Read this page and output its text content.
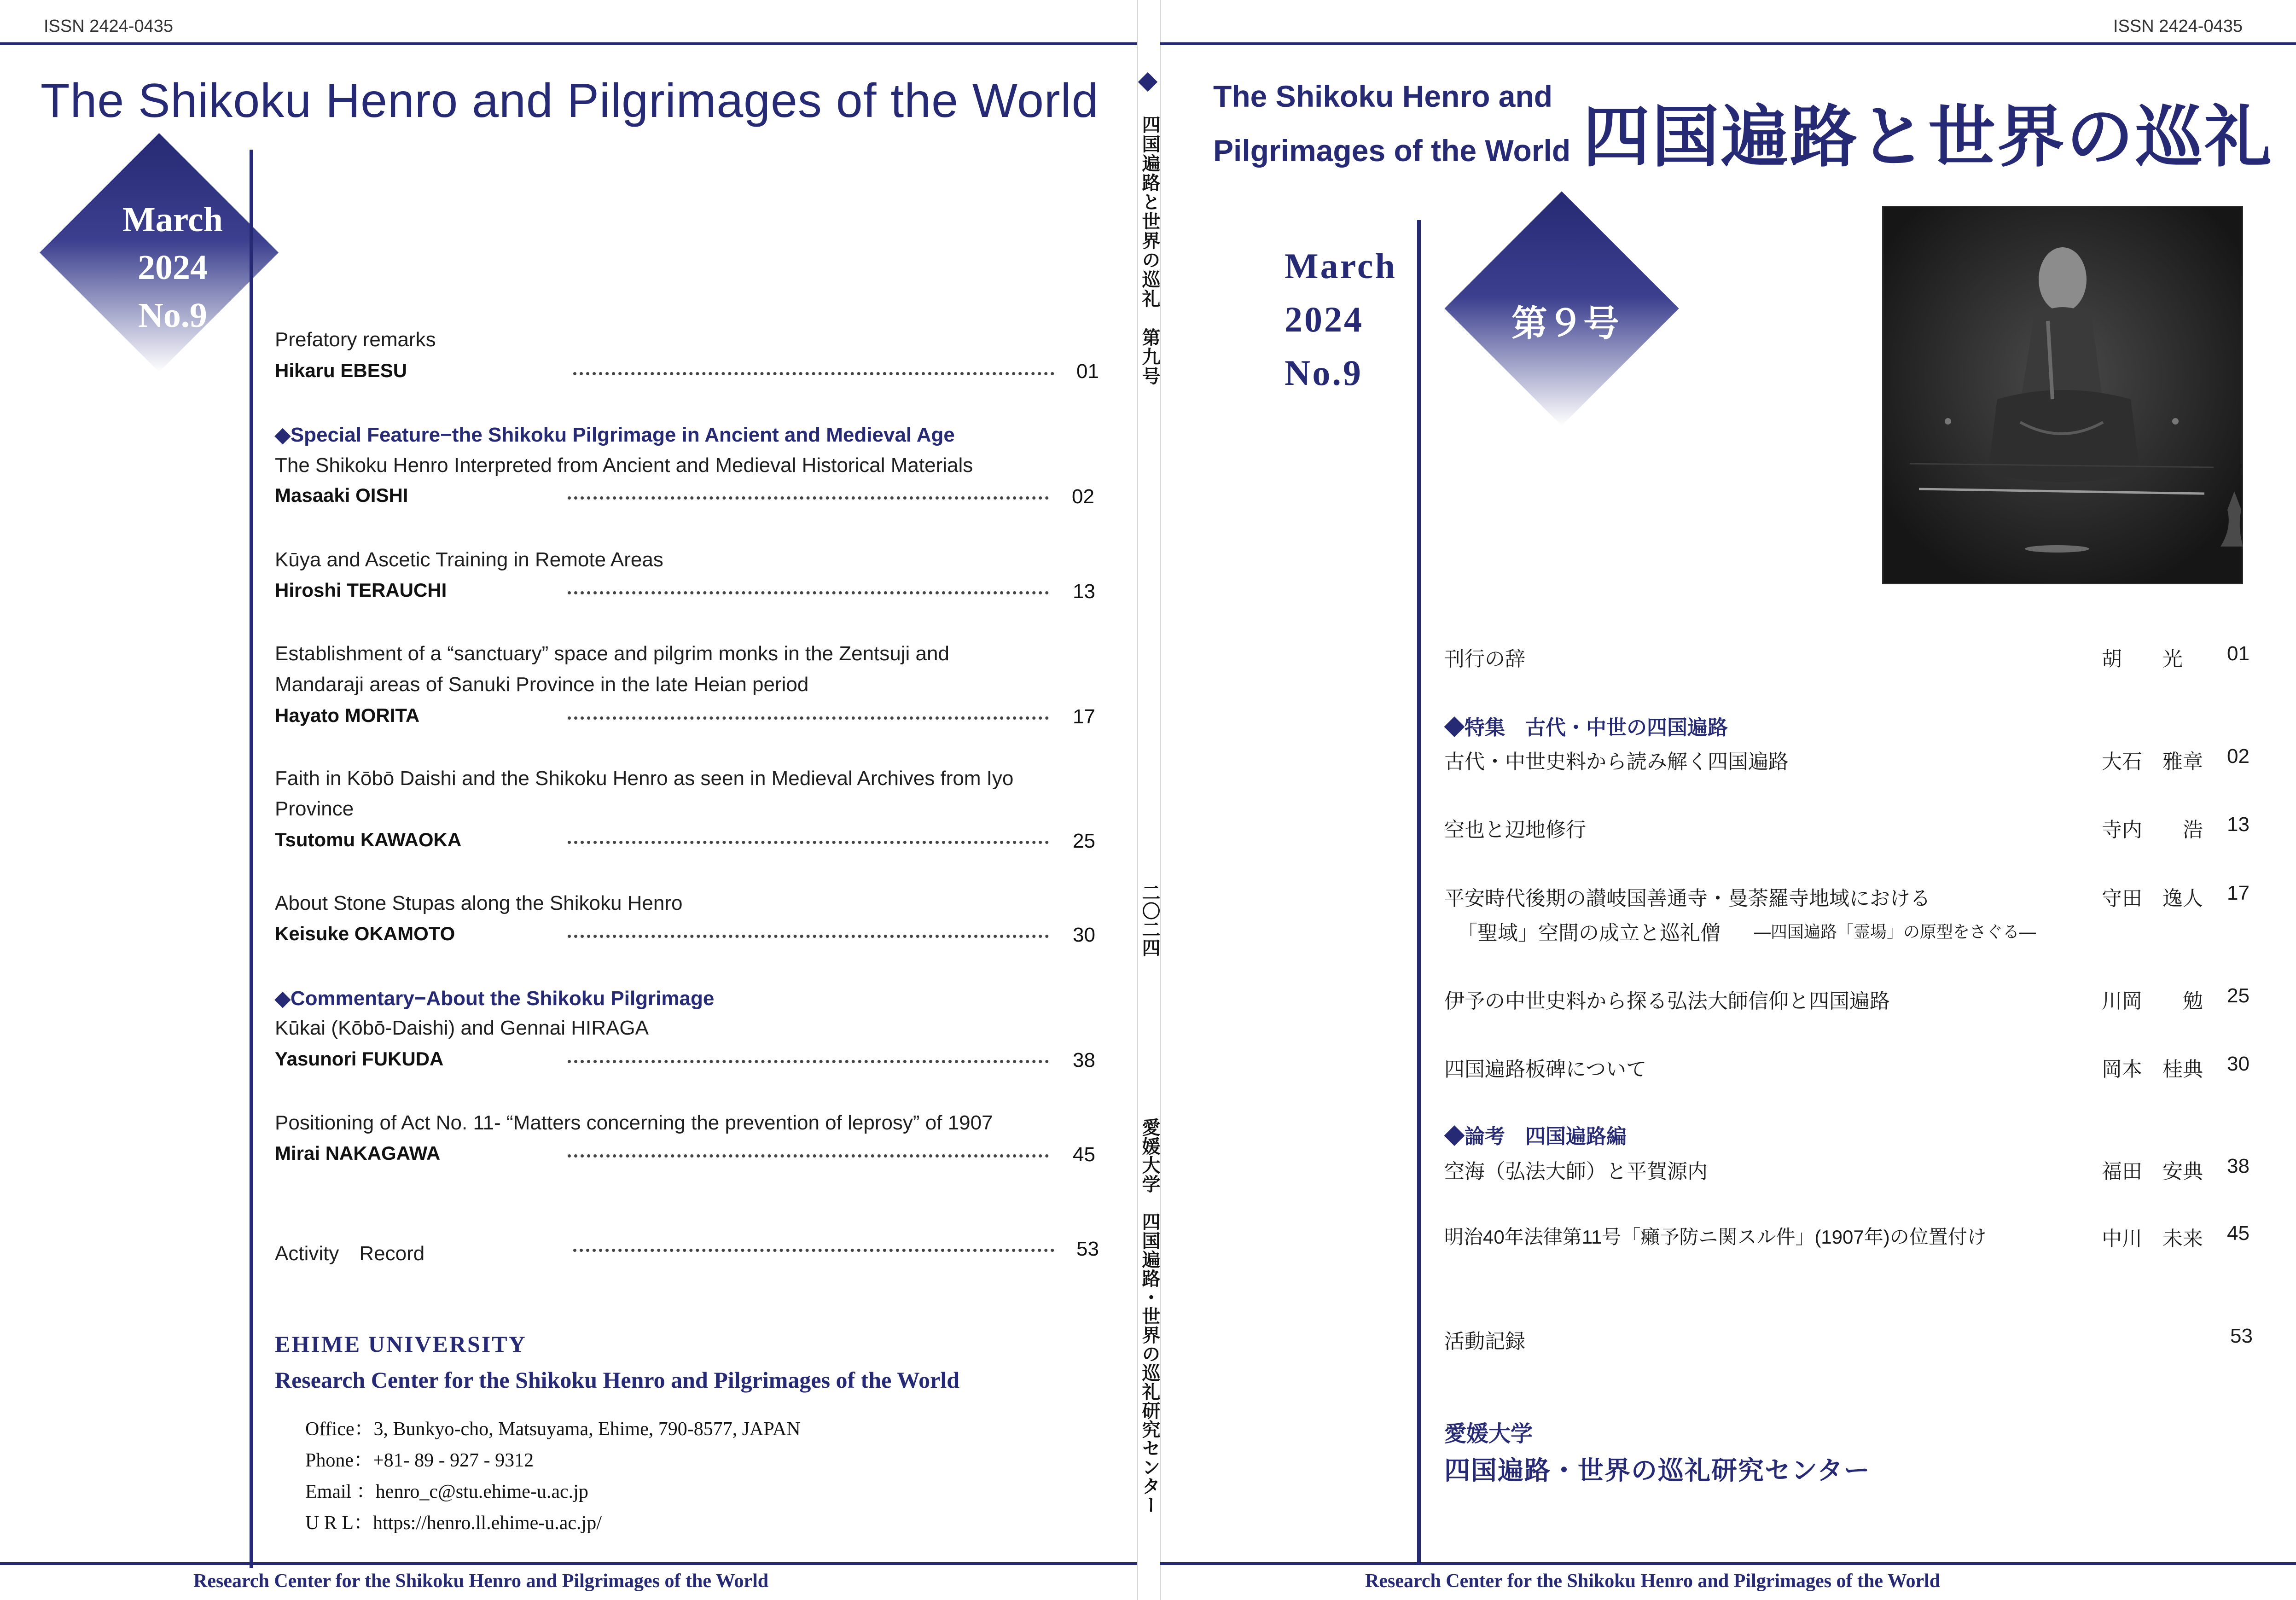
ISSN 2424-0435
The Shikoku Henro and Pilgrimages of the World
March
2024
No.9
Prefatory remarks
Hikaru EBESU	01
◆Special Feature−the Shikoku Pilgrimage in Ancient and Medieval Age
The Shikoku Henro Interpreted from Ancient and Medieval Historical Materials
Masaaki OISHI	02
Kūya and Ascetic Training in Remote Areas
Hiroshi TERAUCHI	13
Establishment of a “sanctuary” space and pilgrim monks in the Zentsuji and
Mandaraji areas of Sanuki Province in the late Heian period
Hayato MORITA	17
Faith in Kōbō Daishi and the Shikoku Henro as seen in Medieval Archives from Iyo
Province
Tsutomu KAWAOKA	25
About Stone Stupas along the Shikoku Henro
Keisuke OKAMOTO	30
◆Commentary−About the Shikoku Pilgrimage
Kūkai (Kōbō-Daishi) and Gennai HIRAGA
Yasunori FUKUDA	38
Positioning of Act No. 11- “Matters concerning the prevention of leprosy” of 1907
Mirai NAKAGAWA	45
Activity　Record	53
EHIME UNIVERSITY
Research Center for the Shikoku Henro and Pilgrimages of the World
Office：3, Bunkyo-cho, Matsuyama, Ehime, 790-8577, JAPAN
Phone：+81- 89 - 927 - 9312
Email ：henro_c@stu.ehime-u.ac.jp
U R L：https://henro.ll.ehime-u.ac.jp/
Research Center for the Shikoku Henro and Pilgrimages of the World
四国遍路と世界の巡礼　第九号
二〇二四
愛媛大学　四国遍路・世界の巡礼研究センター
ISSN 2424-0435
The Shikoku Henro and
Pilgrimages of the World 四国遍路と世界の巡礼
March
2024
No.9
第９号
刊行の辞	胡　　光 01
◆特集　古代・中世の四国遍路
古代・中世史料から読み解く四国遍路	大石　雅章 02
空也と辺地修行	寺内　　浩 13
平安時代後期の讃岐国善通寺・曼荼羅寺地域における
「聖域」空間の成立と巡礼僧 ―四国遍路「霊場」の原型をさぐる―
守田　逸人 17
伊予の中世史料から探る弘法大師信仰と四国遍路	川岡　　勉 25
四国遍路板碑について	岡本　桂典 30
◆論考　四国遍路編
空海（弘法大師）と平賀源内	福田　安典 38
明治40年法律第11号「癩予防ニ関スル件」(1907年)の位置付け	中川　未来 45
活動記録	53
愛媛大学
四国遍路・世界の巡礼研究センター
Research Center for the Shikoku Henro and Pilgrimages of the World
